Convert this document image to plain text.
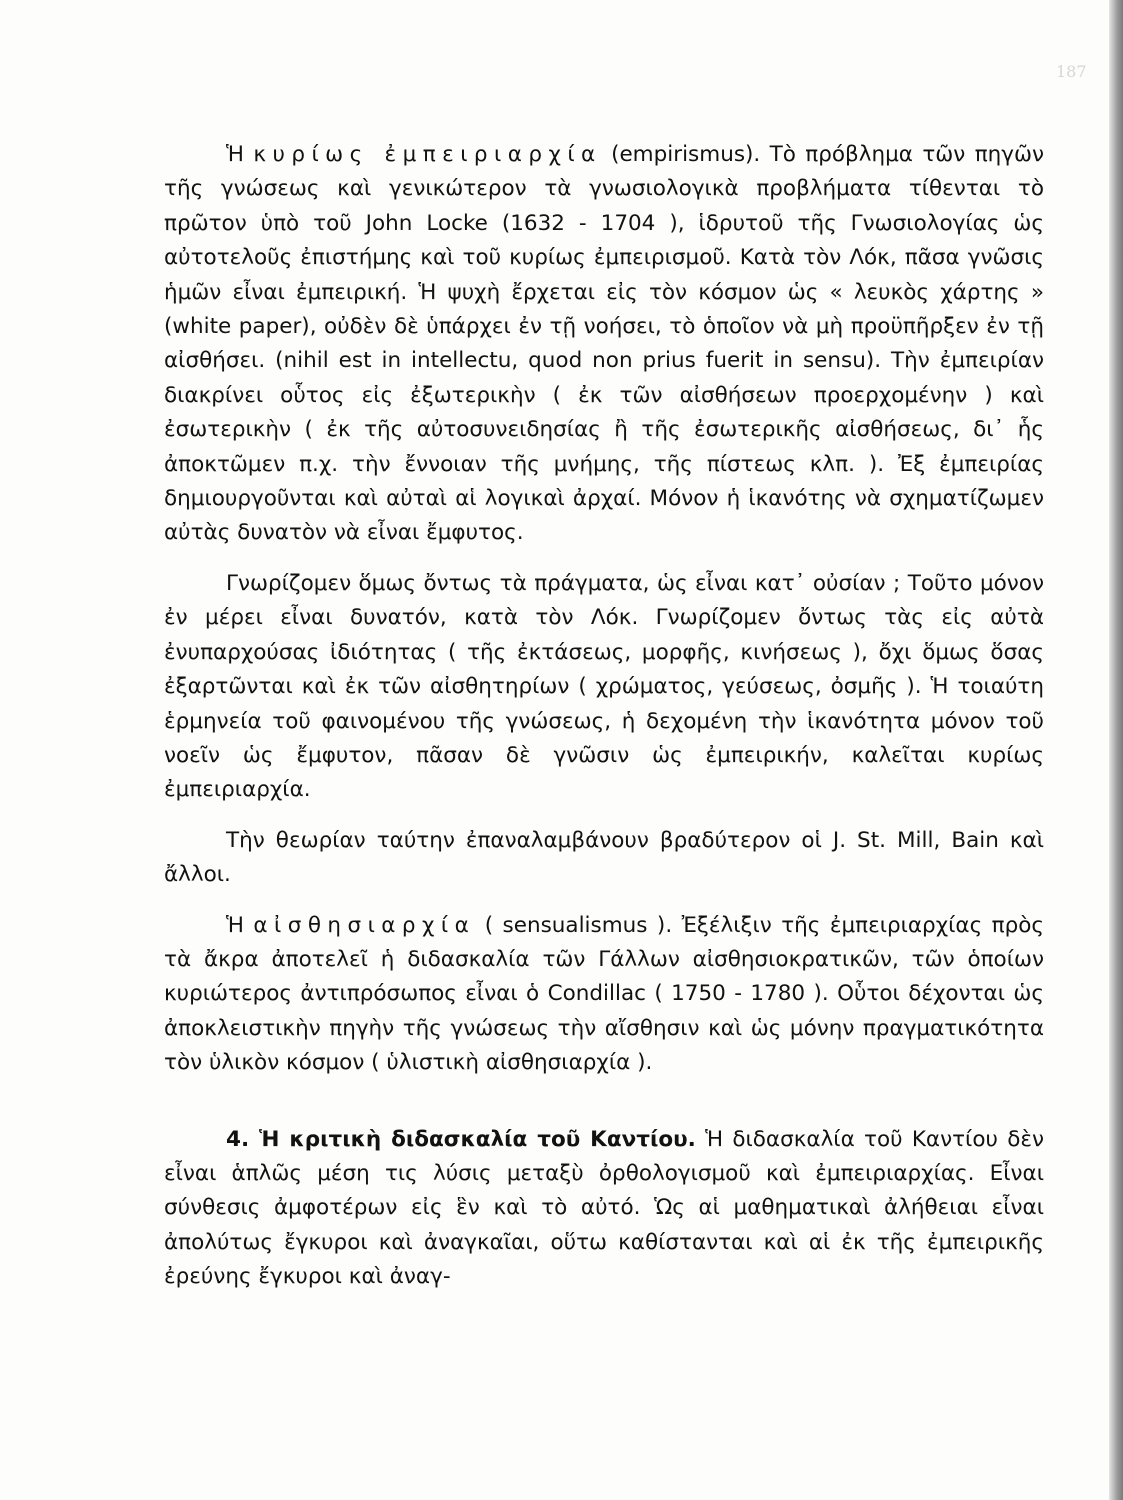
187

Ἡ κυρίως ἐμπειριαρχία (empirismus). Τὸ πρόβλημα τῶν πηγῶν τῆς γνώσεως καὶ γενικώτερον τὰ γνωσιολογικὰ προβλήματα τίθενται τὸ πρῶτον ὑπὸ τοῦ John Locke (1632 - 1704 ), ἱδρυτοῦ τῆς Γνωσιολογίας ὡς αὐτοτελοῦς ἐπιστήμης καὶ τοῦ κυρίως ἐμπειρισμοῦ. Κατὰ τὸν Λόκ, πᾶσα γνῶσις ἡμῶν εἶναι ἐμπειρική. Ἡ ψυχὴ ἔρχεται εἰς τὸν κόσμον ὡς « λευκὸς χάρτης » (white paper), οὐδὲν δὲ ὑπάρχει ἐν τῇ νοήσει, τὸ ὁποῖον νὰ μὴ προϋπῆρξεν ἐν τῇ αἰσθήσει. (nihil est in intellectu, quod non prius fuerit in sensu). Τὴν ἐμπειρίαν διακρίνει οὗτος εἰς ἐξωτερικὴν ( ἐκ τῶν αἰσθήσεων προερχομένην ) καὶ ἐσωτερικὴν ( ἐκ τῆς αὐτοσυνειδησίας ἢ τῆς ἐσωτερικῆς αἰσθήσεως, δι᾿ ἧς ἀποκτῶμεν π.χ. τὴν ἔννοιαν τῆς μνήμης, τῆς πίστεως κλπ. ). Ἐξ ἐμπειρίας δημιουργοῦνται καὶ αὐταὶ αἱ λογικαὶ ἀρχαί. Μόνον ἡ ἱκανότης νὰ σχηματίζωμεν αὐτὰς δυνατὸν νὰ εἶναι ἔμφυτος.

Γνωρίζομεν ὅμως ὄντως τὰ πράγματα, ὡς εἶναι κατ᾿ οὐσίαν ; Τοῦτο μόνον ἐν μέρει εἶναι δυνατόν, κατὰ τὸν Λόκ. Γνωρίζομεν ὄντως τὰς εἰς αὐτὰ ἐνυπαρχούσας ἰδιότητας ( τῆς ἐκτάσεως, μορφῆς, κινήσεως ), ὄχι ὅμως ὅσας ἐξαρτῶνται καὶ ἐκ τῶν αἰσθητηρίων ( χρώματος, γεύσεως, ὀσμῆς ). Ἡ τοιαύτη ἑρμηνεία τοῦ φαινομένου τῆς γνώσεως, ἡ δεχομένη τὴν ἱκανότητα μόνον τοῦ νοεῖν ὡς ἔμφυτον, πᾶσαν δὲ γνῶσιν ὡς ἐμπειρικήν, καλεῖται κυρίως ἐμπειριαρχία.

Τὴν θεωρίαν ταύτην ἐπαναλαμβάνουν βραδύτερον οἱ J. St. Mill, Bain καὶ ἄλλοι.

Ἡ αἰσθησιαρχία ( sensualismus ). Ἐξέλιξιν τῆς ἐμπειριαρχίας πρὸς τὰ ἄκρα ἀποτελεῖ ἡ διδασκαλία τῶν Γάλλων αἰσθησιοκρατικῶν, τῶν ὁποίων κυριώτερος ἀντιπρόσωπος εἶναι ὁ Condillac ( 1750 - 1780 ). Οὗτοι δέχονται ὡς ἀποκλειστικὴν πηγὴν τῆς γνώσεως τὴν αἴσθησιν καὶ ὡς μόνην πραγματικότητα τὸν ὑλικὸν κόσμον ( ὑλιστικὴ αἰσθησιαρχία ).

4. Ἡ κριτικὴ διδασκαλία τοῦ Καντίου. Ἡ διδασκαλία τοῦ Καντίου δὲν εἶναι ἁπλῶς μέση τις λύσις μεταξὺ ὀρθολογισμοῦ καὶ ἐμπειριαρχίας. Εἶναι σύνθεσις ἀμφοτέρων εἰς ἓν καὶ τὸ αὐτό. Ὡς αἱ μαθηματικαὶ ἀλήθειαι εἶναι ἀπολύτως ἔγκυροι καὶ ἀναγκαῖαι, οὕτω καθίστανται καὶ αἱ ἐκ τῆς ἐμπειρικῆς ἐρεύνης ἔγκυροι καὶ ἀναγ-
